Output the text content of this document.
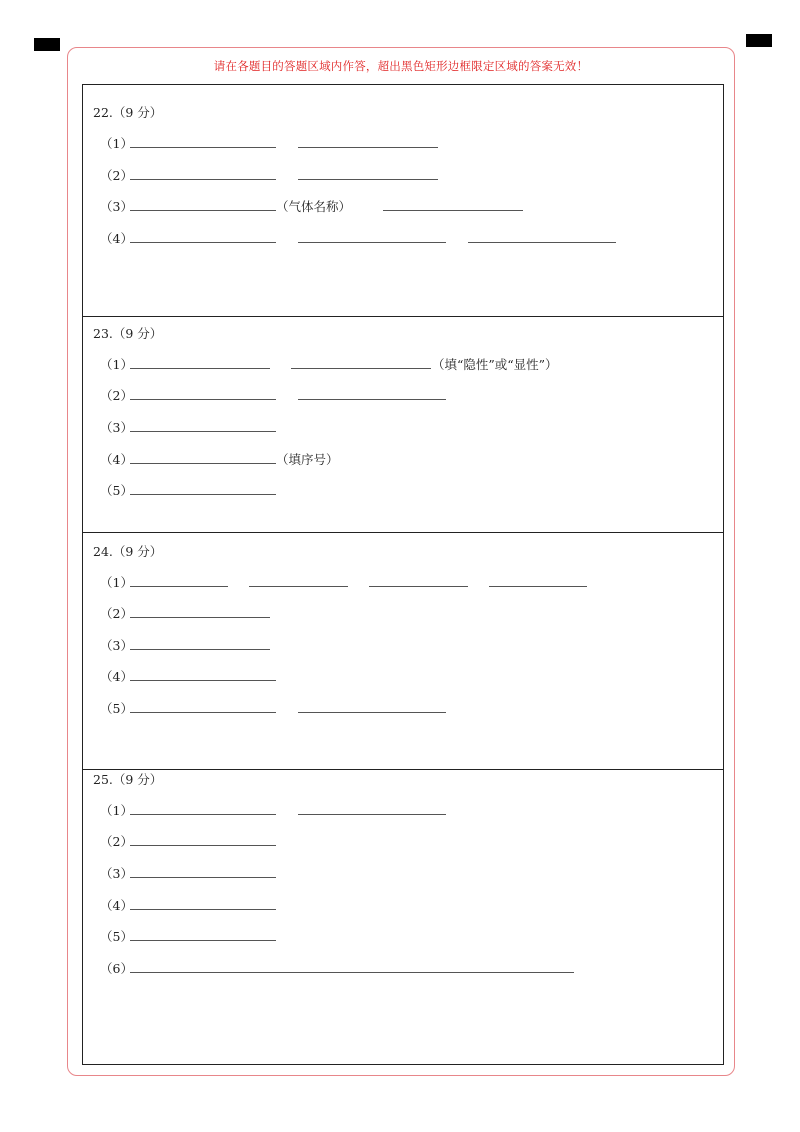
请在各题目的答题区域内作答，超出黑色矩形边框限定区域的答案无效！
22.（9 分）
（1）
（2）
（3）	（气体名称）
（4）
23.（9 分）
（1）	（填“隐性”或“显性”）
（2）
（3）
（4）	（填序号）
（5）
24.（9 分）
（1）
（2）
（3）
（4）
（5）
25.（9 分）
（1）
（2）
（3）
（4）
（5）
（6）
